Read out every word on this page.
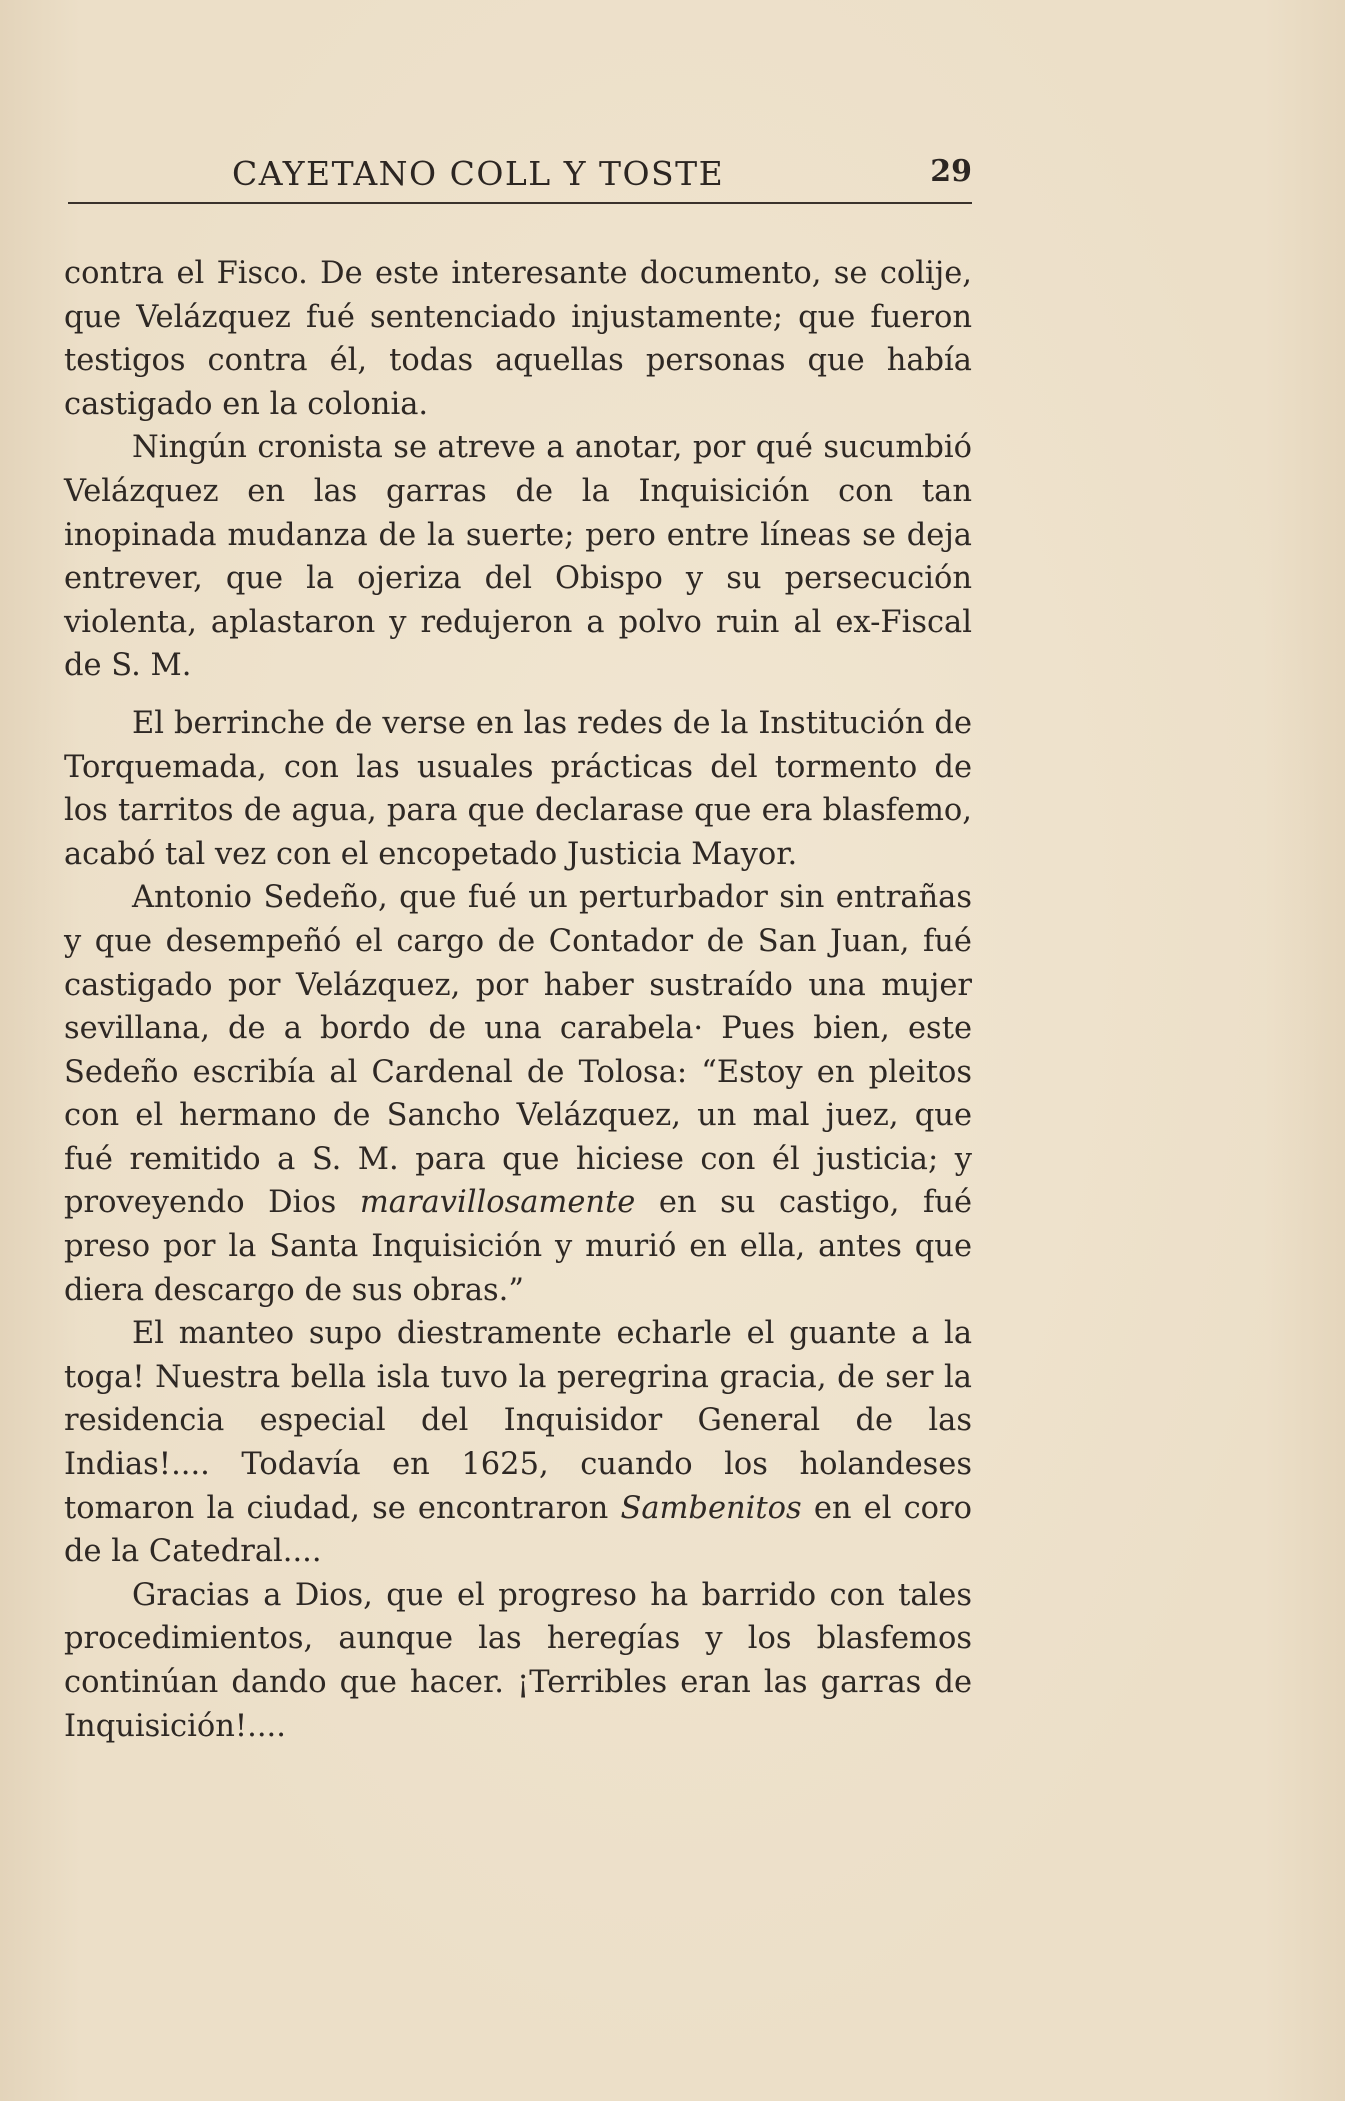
CAYETANO COLL Y TOSTE	29

contra el Fisco. De este interesante documento, se colije, que Velázquez fué sentenciado injustamente; que fueron testigos contra él, todas aquellas personas que había castigado en la colonia.

Ningún cronista se atreve a anotar, por qué sucumbió Velázquez en las garras de la Inquisición con tan inopinada mudanza de la suerte; pero entre líneas se deja entrever, que la ojeriza del Obispo y su persecución violenta, aplastaron y redujeron a polvo ruin al ex-Fiscal de S. M.

El berrinche de verse en las redes de la Institución de Torquemada, con las usuales prácticas del tormento de los tarritos de agua, para que declarase que era blasfemo, acabó tal vez con el encopetado Justicia Mayor.

Antonio Sedeño, que fué un perturbador sin entrañas y que desempeñó el cargo de Contador de San Juan, fué castigado por Velázquez, por haber sustraído una mujer sevillana, de a bordo de una carabela· Pues bien, este Sedeño escribía al Cardenal de Tolosa: “Estoy en pleitos con el hermano de Sancho Velázquez, un mal juez, que fué remitido a S. M. para que hiciese con él justicia; y proveyendo Dios maravillosamente en su castigo, fué preso por la Santa Inquisición y murió en ella, antes que diera descargo de sus obras.”

El manteo supo diestramente echarle el guante a la toga! Nuestra bella isla tuvo la peregrina gracia, de ser la residencia especial del Inquisidor General de las Indias!.... Todavía en 1625, cuando los holandeses tomaron la ciudad, se encontraron Sambenitos en el coro de la Catedral....

Gracias a Dios, que el progreso ha barrido con tales procedimientos, aunque las heregías y los blasfemos continúan dando que hacer. ¡Terribles eran las garras de Inquisición!....
